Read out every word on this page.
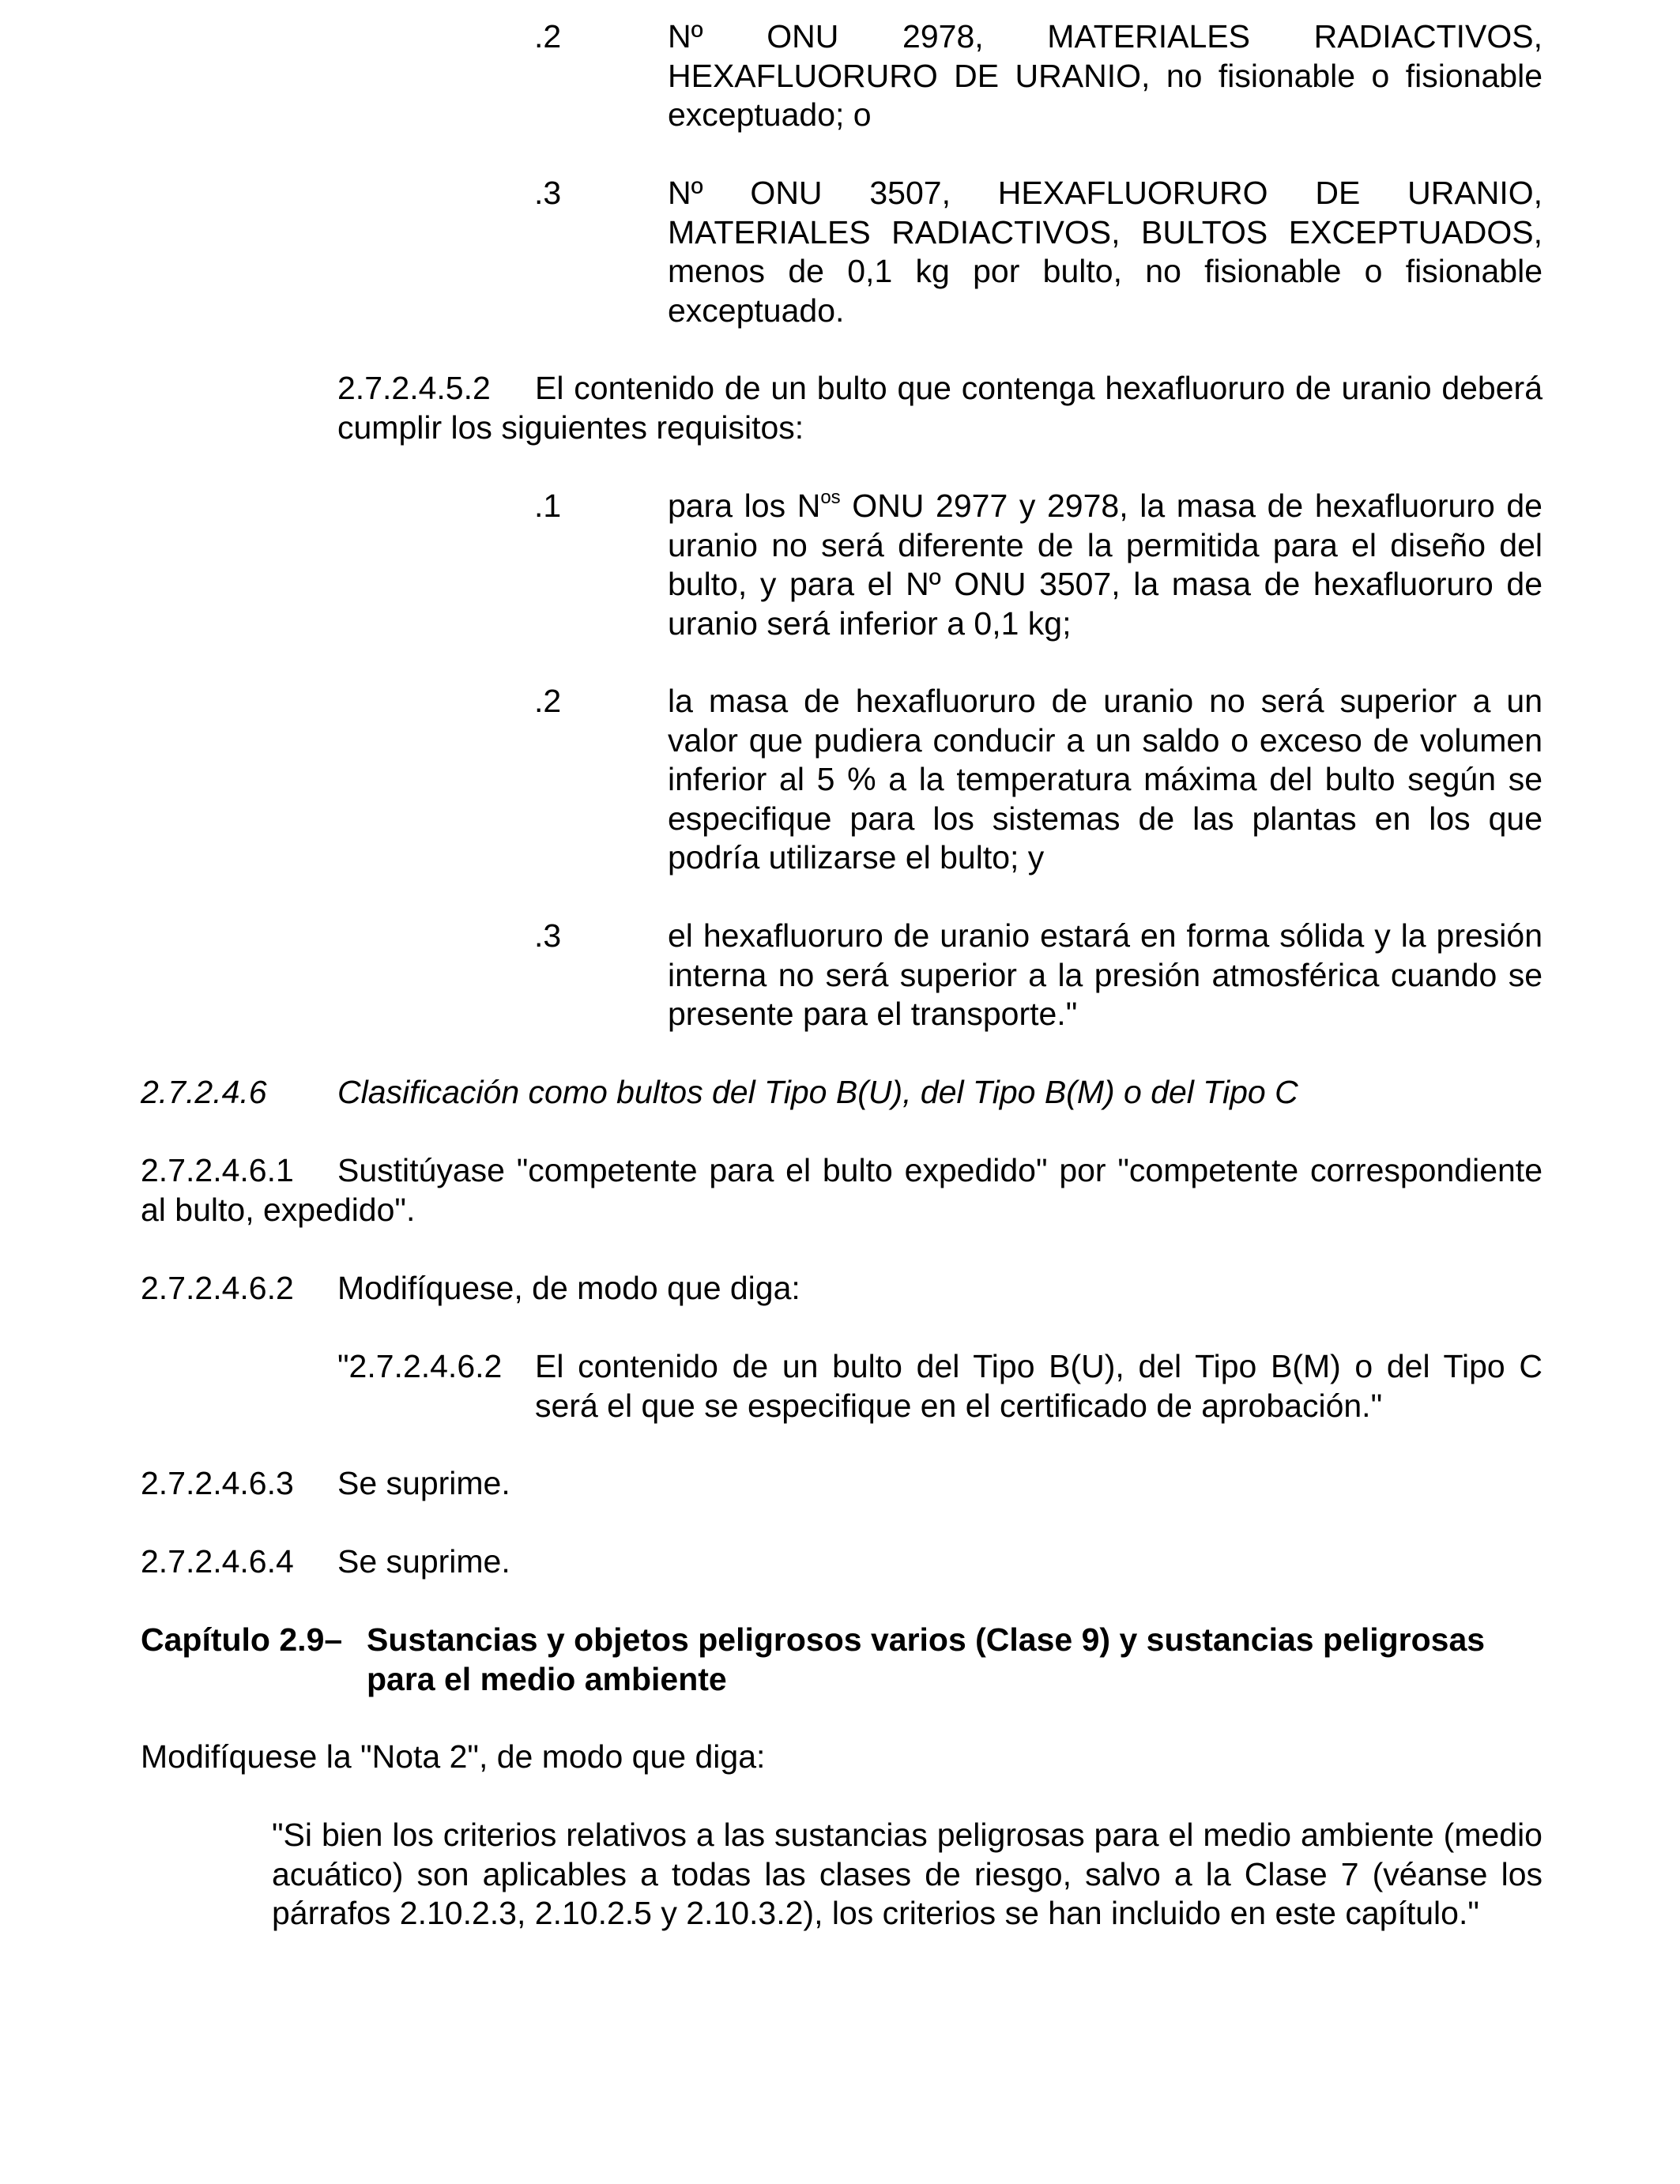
.2	Nº ONU 2978, MATERIALES RADIACTIVOS, HEXAFLUORURO DE URANIO, no fisionable o fisionable exceptuado; o
.3	Nº ONU 3507, HEXAFLUORURO DE URANIO, MATERIALES RADIACTIVOS, BULTOS EXCEPTUADOS, menos de 0,1 kg por bulto, no fisionable o fisionable exceptuado.
2.7.2.4.5.2 El contenido de un bulto que contenga hexafluoruro de uranio deberá cumplir los siguientes requisitos:
.1	para los $N^{os}$ ONU 2977 y 2978, la masa de hexafluoruro de uranio no será diferente de la permitida para el diseño del bulto, y para el Nº ONU 3507, la masa de hexafluoruro de uranio será inferior a 0,1 kg;
.2	la masa de hexafluoruro de uranio no será superior a un valor que pudiera conducir a un saldo o exceso de volumen inferior al 5 % a la temperatura máxima del bulto según se especifique para los sistemas de las plantas en los que podría utilizarse el bulto; y
.3	el hexafluoruro de uranio estará en forma sólida y la presión interna no será superior a la presión atmosférica cuando se presente para el transporte."
2.7.2.4.6	Clasificación como bultos del Tipo B(U), del Tipo B(M) o del Tipo C
2.7.2.4.6.1 Sustitúyase "competente para el bulto expedido" por "competente correspondiente al bulto, expedido".
2.7.2.4.6.2	Modifíquese, de modo que diga:
"2.7.2.4.6.2	El contenido de un bulto del Tipo B(U), del Tipo B(M) o del Tipo C será el que se especifique en el certificado de aprobación."
2.7.2.4.6.3	Se suprime.
2.7.2.4.6.4	Se suprime.
Capítulo 2.9– Sustancias y objetos peligrosos varios (Clase 9) y sustancias peligrosas para el medio ambiente
Modifíquese la "Nota 2", de modo que diga:
"Si bien los criterios relativos a las sustancias peligrosas para el medio ambiente (medio acuático) son aplicables a todas las clases de riesgo, salvo a la Clase 7 (véanse los párrafos 2.10.2.3, 2.10.2.5 y 2.10.3.2), los criterios se han incluido en este capítulo."
